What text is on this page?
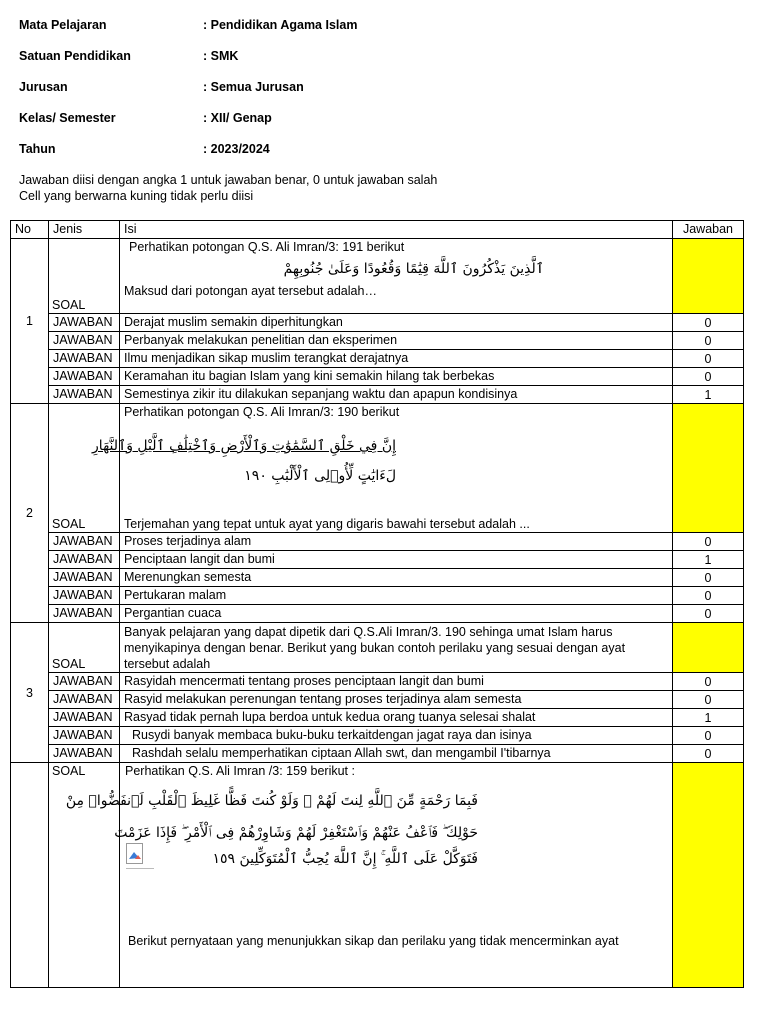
Mata Pelajaran	: Pendidikan Agama Islam
Satuan Pendidikan	: SMK
Jurusan	: Semua Jurusan
Kelas/ Semester	: XII/ Genap
Tahun	: 2023/2024
Jawaban diisi dengan angka 1 untuk jawaban benar, 0 untuk jawaban salah
Cell yang berwarna kuning tidak perlu diisi
No	Jenis	Isi	Jawaban
1	SOAL	Perhatikan potongan Q.S. Ali Imran/3: 191 berikut
ٱلَّذِينَ يَذْكُرُونَ ٱللَّهَ قِيَٰمًا وَقُعُودًا وَعَلَىٰ جُنُوبِهِمْ
Maksud dari potongan ayat tersebut adalah…	

	JAWABAN	Derajat muslim semakin diperhitungkan	0
	JAWABAN	Perbanyak melakukan penelitian dan eksperimen	0
	JAWABAN	Ilmu menjadikan sikap muslim terangkat derajatnya	0
	JAWABAN	Keramahan itu bagian Islam yang kini semakin hilang tak berbekas	0
	JAWABAN	Semestinya zikir itu dilakukan sepanjang waktu dan apapun kondisinya	1
2	SOAL	Perhatikan potongan Q.S. Ali Imran/3: 190 berikut
إِنَّ فِي خَلْقِ ٱلسَّمَٰوَٰتِ وَٱلْأَرْضِ وَٱخْتِلَٰفِ ٱلَّيْلِ وَٱلنَّهَارِ
لَءَايَٰتٍ لِّأُو۟لِى ٱلْأَلْبَٰبِ ١٩٠
Terjemahan yang tepat untuk ayat yang digaris bawahi tersebut adalah ...	

	JAWABAN	Proses terjadinya alam	0
	JAWABAN	Penciptaan langit dan bumi	1
	JAWABAN	Merenungkan semesta	0
	JAWABAN	Pertukaran malam	0
	JAWABAN	Pergantian cuaca	0
3	SOAL	Banyak pelajaran yang dapat dipetik dari Q.S.Ali Imran/3. 190 sehinga umat Islam harus menyikapinya dengan benar. Berikut yang bukan contoh perilaku yang sesuai dengan ayat tersebut adalah	

	JAWABAN	Rasyidah mencermati tentang proses penciptaan langit dan bumi	0
	JAWABAN	Rasyid melakukan perenungan tentang proses terjadinya alam semesta	0
	JAWABAN	Rasyad tidak pernah lupa berdoa untuk kedua orang tuanya selesai shalat	1
	JAWABAN	Rusydi banyak membaca buku-buku terkaitdengan jagat raya dan isinya	0
	JAWABAN	Rashdah selalu memperhatikan ciptaan Allah swt, dan mengambil I'tibarnya	0
	SOAL	Perhatikan Q.S. Ali Imran /3: 159 berikut :
فَبِمَا رَحْمَةٍ مِّنَ ٱللَّهِ لِنتَ لَهُمْ ۖ وَلَوْ كُنتَ فَظًّا غَلِيظَ ٱلْقَلْبِ لَٱنفَضُّوا۟ مِنْ
حَوْلِكَ ۖ فَٱعْفُ عَنْهُمْ وَٱسْتَغْفِرْ لَهُمْ وَشَاوِرْهُمْ فِى ٱلْأَمْرِ ۖ فَإِذَا عَزَمْتَ
فَتَوَكَّلْ عَلَى ٱللَّهِ ۚ إِنَّ ٱللَّهَ يُحِبُّ ٱلْمُتَوَكِّلِينَ ١٥٩
Berikut pernyataan yang menunjukkan sikap dan perilaku yang tidak mencerminkan ayat	
